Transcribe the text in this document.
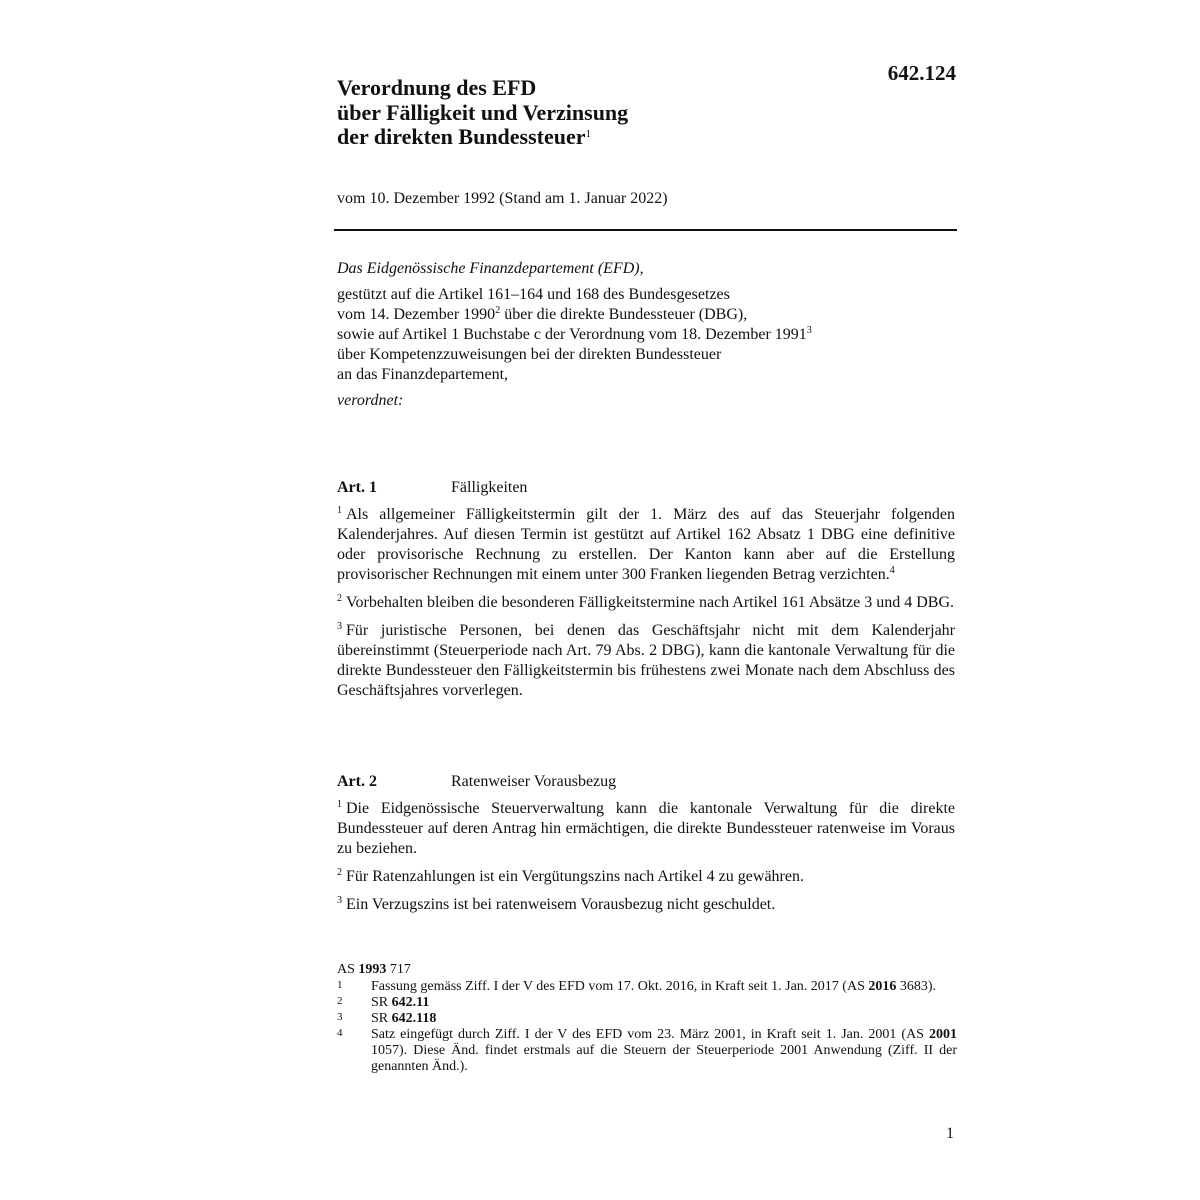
642.124
Verordnung des EFD
über Fälligkeit und Verzinsung
der direkten Bundessteuer$^1$
vom 10. Dezember 1992 (Stand am 1. Januar 2022)
Das Eidgenössische Finanzdepartement (EFD),
gestützt auf die Artikel 161–164 und 168 des Bundesgesetzes
vom 14. Dezember 1990$^2$ über die direkte Bundessteuer (DBG),
sowie auf Artikel 1 Buchstabe c der Verordnung vom 18. Dezember 1991$^3$
über Kompetenzzuweisungen bei der direkten Bundessteuer
an das Finanzdepartement,
verordnet:
Art. 1	Fälligkeiten

$^1$ Als allgemeiner Fälligkeitstermin gilt der 1. März des auf das Steuerjahr folgenden Kalenderjahres. Auf diesen Termin ist gestützt auf Artikel 162 Absatz 1 DBG eine definitive oder provisorische Rechnung zu erstellen. Der Kanton kann aber auf die Erstellung provisorischer Rechnungen mit einem unter 300 Franken liegenden Betrag verzichten.$^4$

$^2$ Vorbehalten bleiben die besonderen Fälligkeitstermine nach Artikel 161 Absätze 3 und 4 DBG.

$^3$ Für juristische Personen, bei denen das Geschäftsjahr nicht mit dem Kalenderjahr übereinstimmt (Steuerperiode nach Art. 79 Abs. 2 DBG), kann die kantonale Verwaltung für die direkte Bundessteuer den Fälligkeitstermin bis frühestens zwei Monate nach dem Abschluss des Geschäftsjahres vorverlegen.

Art. 2	Ratenweiser Vorausbezug

$^1$ Die Eidgenössische Steuerverwaltung kann die kantonale Verwaltung für die direkte Bundessteuer auf deren Antrag hin ermächtigen, die direkte Bundessteuer ratenweise im Voraus zu beziehen.

$^2$ Für Ratenzahlungen ist ein Vergütungszins nach Artikel 4 zu gewähren.

$^3$ Ein Verzugszins ist bei ratenweisem Vorausbezug nicht geschuldet.

AS 1993 717
1	Fassung gemäss Ziff. I der V des EFD vom 17. Okt. 2016, in Kraft seit 1. Jan. 2017 (AS 2016 3683).
2	SR 642.11
3	SR 642.118
4	Satz eingefügt durch Ziff. I der V des EFD vom 23. März 2001, in Kraft seit 1. Jan. 2001 (AS 2001 1057). Diese Änd. findet erstmals auf die Steuern der Steuerperiode 2001 Anwendung (Ziff. II der genannten Änd.).
1
